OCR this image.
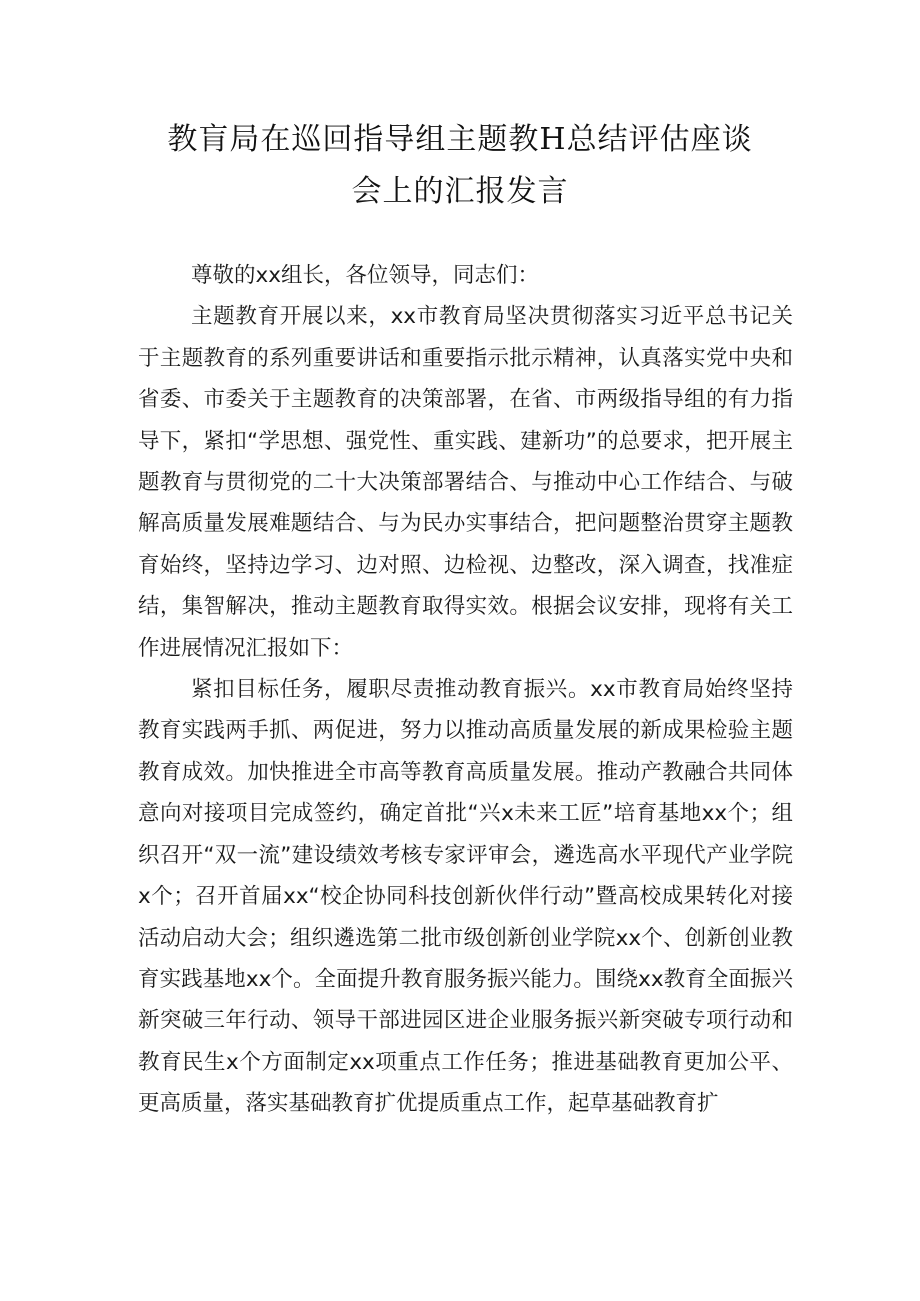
教肓局在巡回指导组主题教H总结评估座谈
会上的汇报发言

尊敬的xx组长，各位领导，同志们：

主题教育开展以来，xx市教育局坚决贯彻落实习近平总书记关于主题教育的系列重要讲话和重要指示批示精神，认真落实党中央和省委、市委关于主题教育的决策部署，在省、市两级指导组的有力指导下，紧扣“学思想、强党性、重实践、建新功”的总要求，把开展主题教育与贯彻党的二十大决策部署结合、与推动中心工作结合、与破解高质量发展难题结合、与为民办实事结合，把问题整治贯穿主题教育始终，坚持边学习、边对照、边检视、边整改，深入调查，找准症结，集智解决，推动主题教育取得实效。根据会议安排，现将有关工作进展情况汇报如下：

紧扣目标任务，履职尽责推动教育振兴。xx市教育局始终坚持教育实践两手抓、两促进，努力以推动高质量发展的新成果检验主题教育成效。加快推进全市高等教育高质量发展。推动产教融合共同体意向对接项目完成签约，确定首批“兴x未来工匠”培育基地xx个；组织召开“双一流”建设绩效考核专家评审会，遴选高水平现代产业学院x个；召开首届xx“校企协同科技创新伙伴行动”暨高校成果转化对接活动启动大会；组织遴选第二批市级创新创业学院xx个、创新创业教育实践基地xx个。全面提升教育服务振兴能力。围绕xx教育全面振兴新突破三年行动、领导干部进园区进企业服务振兴新突破专项行动和教育民生x个方面制定xx项重点工作任务；推进基础教育更加公平、更高质量，落实基础教育扩优提质重点工作，起草基础教育扩
